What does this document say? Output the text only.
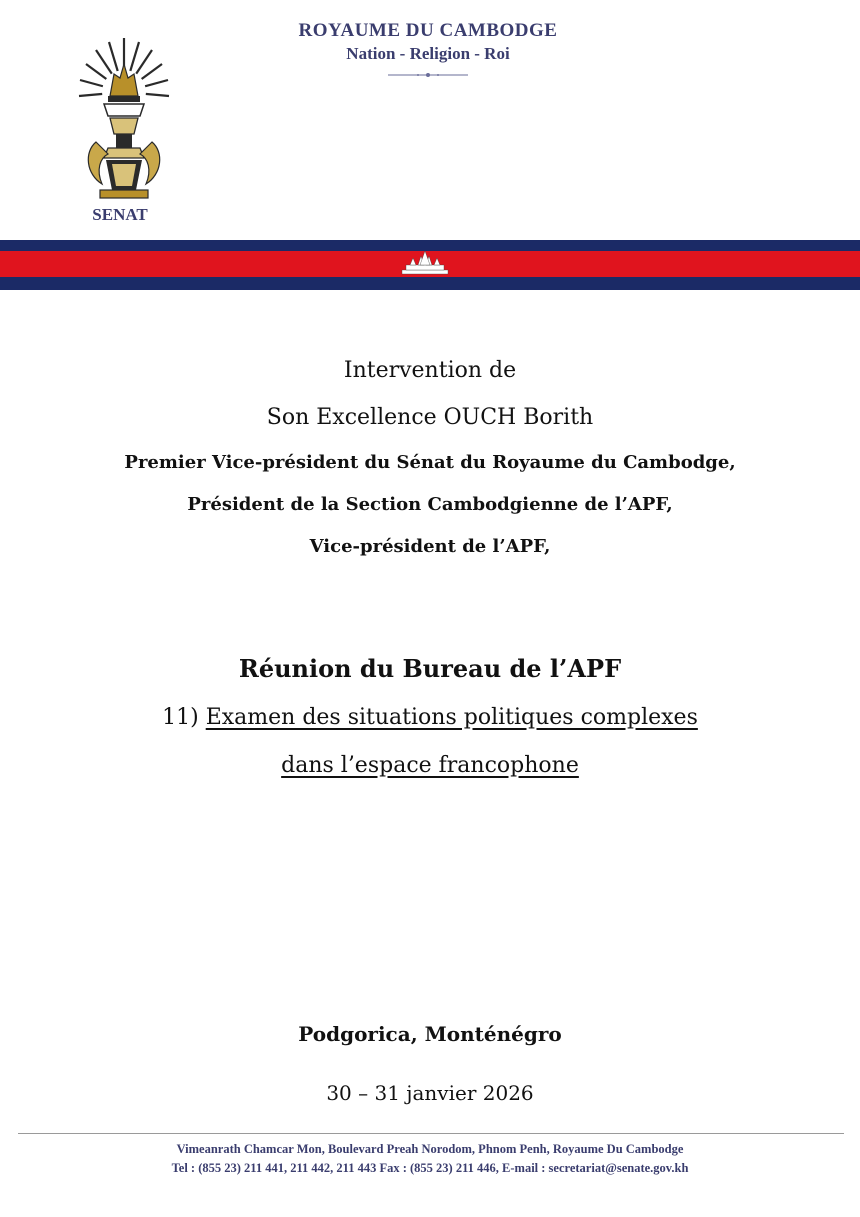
SENAT
ROYAUME DU CAMBODGE
Nation - Religion - Roi
Intervention de
Son Excellence OUCH Borith
Premier Vice-président du Sénat du Royaume du Cambodge,
Président de la Section Cambodgienne de l’APF,
Vice-président de l’APF,
Réunion du Bureau de l’APF
11) Examen des situations politiques complexes
dans l’espace francophone
Podgorica, Monténégro
30 – 31 janvier 2026
Vimeanrath Chamcar Mon, Boulevard Preah Norodom, Phnom Penh, Royaume Du Cambodge
Tel : (855 23) 211 441, 211 442, 211 443 Fax : (855 23) 211 446, E-mail : secretariat@senate.gov.kh
